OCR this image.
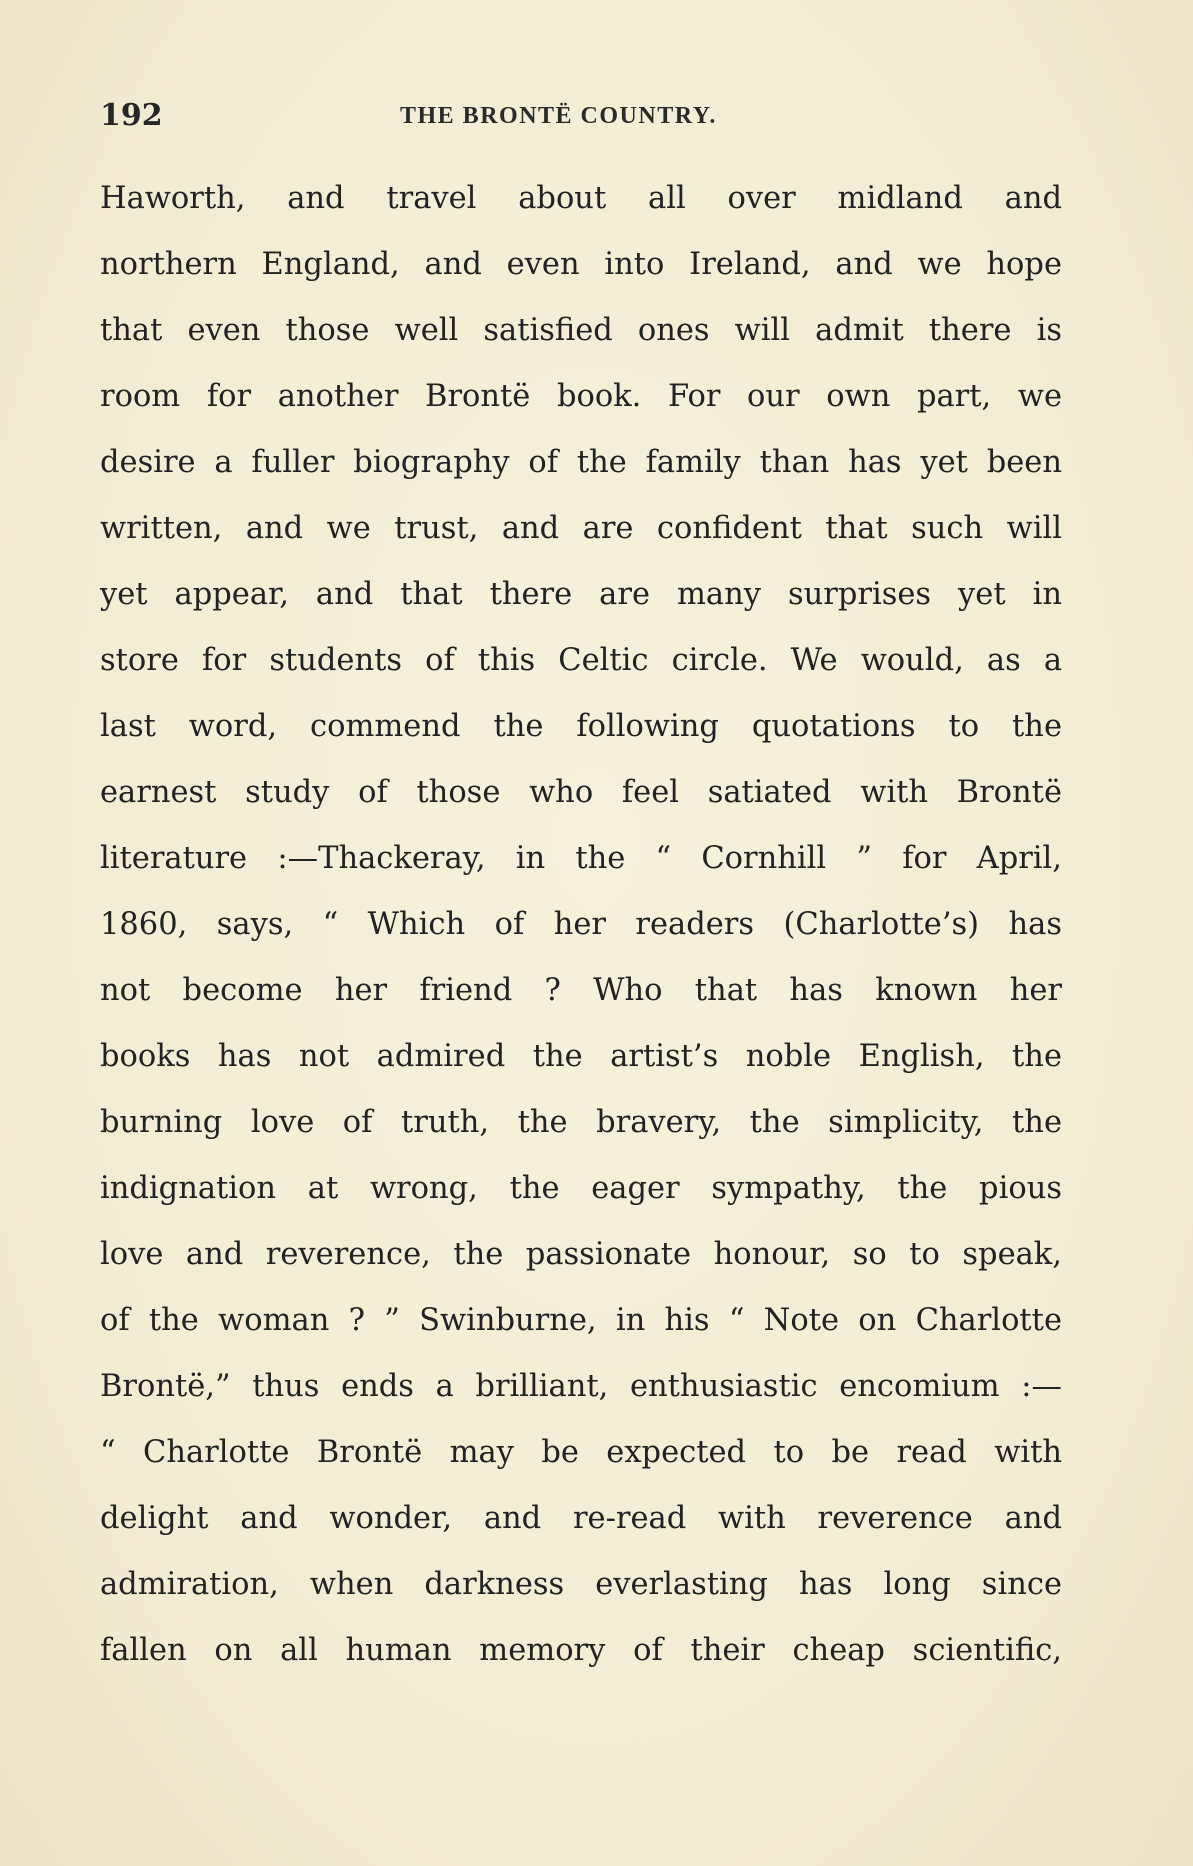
192	THE BRONTË COUNTRY.
Haworth, and travel about all over midland and
northern England, and even into Ireland, and we hope
that even those well satisfied ones will admit there is
room for another Brontë book. For our own part, we
desire a fuller biography of the family than has yet been
written, and we trust, and are confident that such will
yet appear, and that there are many surprises yet in
store for students of this Celtic circle. We would, as a
last word, commend the following quotations to the
earnest study of those who feel satiated with Brontë
literature :—Thackeray, in the “ Cornhill ” for April,
1860, says, “ Which of her readers (Charlotte’s) has
not become her friend ? Who that has known her
books has not admired the artist’s noble English, the
burning love of truth, the bravery, the simplicity, the
indignation at wrong, the eager sympathy, the pious
love and reverence, the passionate honour, so to speak,
of the woman ? ” Swinburne, in his “ Note on Charlotte
Brontë,” thus ends a brilliant, enthusiastic encomium :—
“ Charlotte Brontë may be expected to be read with
delight and wonder, and re-read with reverence and
admiration, when darkness everlasting has long since
fallen on all human memory of their cheap scientific,
